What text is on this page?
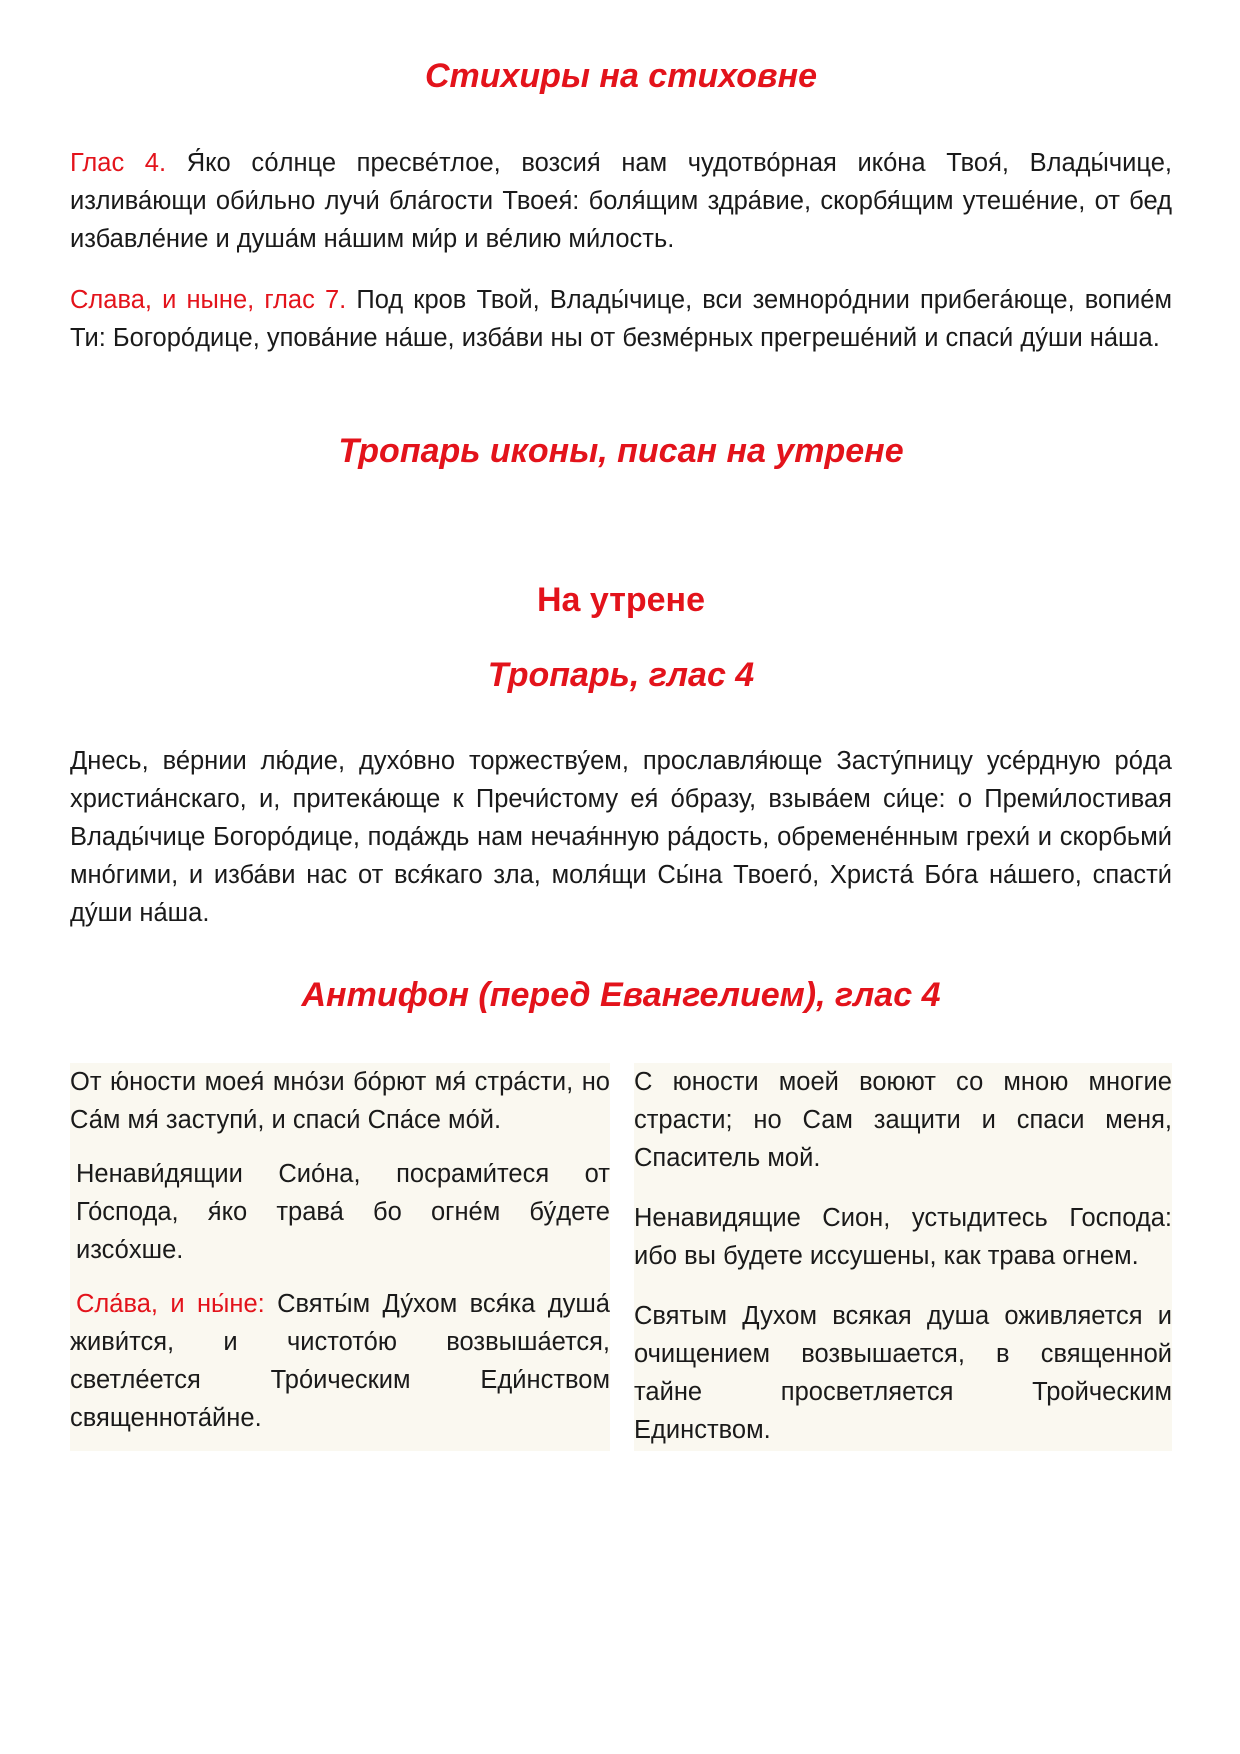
Стихиры на стиховне

Глас 4. Я́ко со́лнце пресве́тлое, возсия́ нам чудотво́рная ико́на Твоя́, Влады́чице, излива́ющи оби́льно лучи́ бла́гости Твоея́: боля́щим здра́вие, скорбя́щим утеше́ние, от бед избавле́ние и душа́м на́шим ми́р и ве́лию ми́лость.

Слава, и ныне, глас 7. Под кров Твой, Влады́чице, вси земноро́днии прибега́юще, вопие́м Ти: Богоро́дице, упова́ние на́ше, изба́ви ны от безме́рных прегреше́ний и спаси́ ду́ши на́ша.

Тропарь иконы, писан на утрене
На утрене
Тропарь, глас 4

Днесь, ве́рнии лю́дие, духо́вно торжеству́ем, прославля́юще Засту́пницу усе́рдную ро́да христиа́нскаго, и, притека́юще к Пречи́стому ея́ о́бразу, взыва́ем си́це: о Преми́лостивая Влады́чице Богоро́дице, пода́ждь нам нечая́нную ра́дость, обремене́нным грехи́ и скорбьми́ мно́гими, и изба́ви нас от вся́каго зла, моля́щи Сы́на Твоего́, Христа́ Бо́га на́шего, спасти́ ду́ши на́ша.

Антифон (перед Евангелием), глас 4

От ю́ности моея́ мно́зи бо́рют мя́ стра́сти, но Са́м мя́ заступи́, и спаси́ Спа́се мо́й.

Ненави́дящии Сио́на, посрами́теся от Го́спода, я́ко трава́ бо огне́м бу́дете изсо́хше.

Сла́ва, и ны́не: Святы́м Ду́хом вся́ка душа́ живи́тся, и чистото́ю возвыша́ется, светле́ется Тро́ическим Еди́нством священнота́йне.

С юности моей воюют со мною многие страсти; но Сам защити и спаси меня, Спаситель мой.

Ненавидящие Сион, устыдитесь Господа: ибо вы будете иссушены, как трава огнем.

Святым Духом всякая душа оживляется и очищением возвышается, в священной тайне просветляется Тройческим Единством.
